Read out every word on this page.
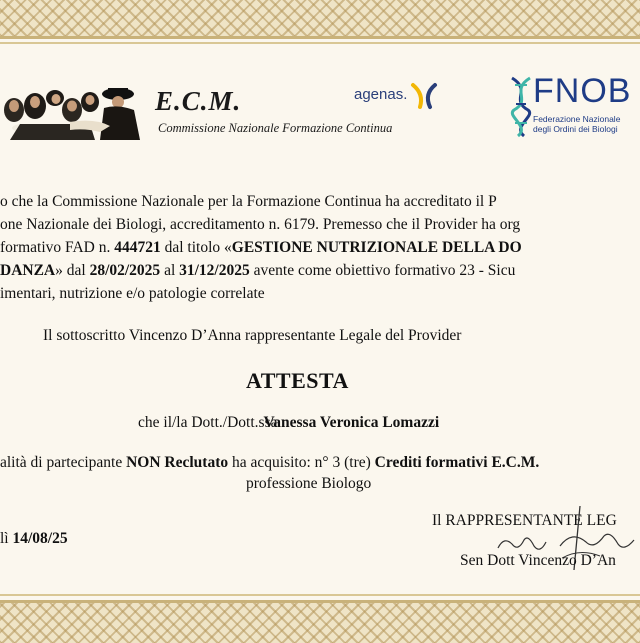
E.C.M.
Commissione Nazionale Formazione Continua
agenas.	FNOB
Federazione Nazionale
degli Ordini dei Biologi
o che la Commissione Nazionale per la Formazione Continua ha accreditato il P
one Nazionale dei Biologi, accreditamento n. 6179. Premesso che il Provider ha org
formativo FAD n. 444721 dal titolo «GESTIONE NUTRIZIONALE DELLA DO
DANZA» dal 28/02/2025 al 31/12/2025 avente come obiettivo formativo 23 - Sicu
imentari, nutrizione e/o patologie correlate
Il sottoscritto Vincenzo D’Anna rappresentante Legale del Provider
ATTESTA
che il/la Dott./Dott.ssaVanessa Veronica Lomazzi
alità di partecipante NON Reclutato ha acquisito: n° 3 (tre) Crediti formativi E.C.M.
professione Biologo
lì 14/08/25
Il RAPPRESENTANTE LEG
Sen Dott Vincenzo D’An
